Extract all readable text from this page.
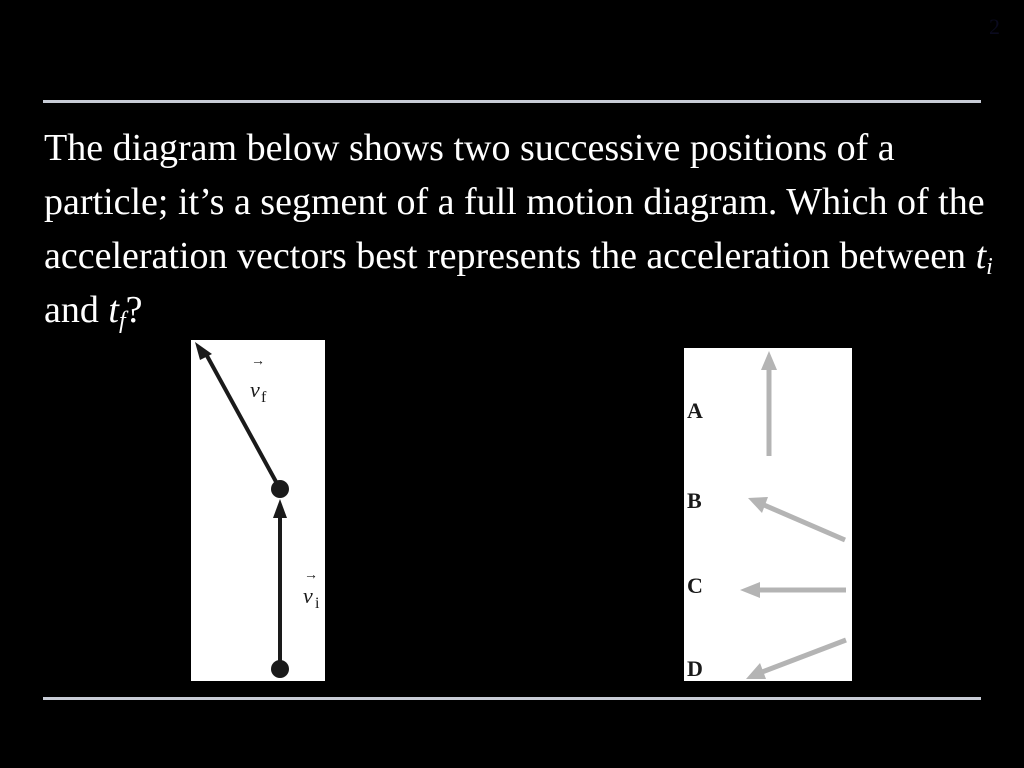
2
The diagram below shows two successive positions of a particle; it’s a segment of a full motion diagram. Which of the acceleration vectors best represents the acceleration between $t_i$ and $t_f$?
→
v f
→
v i
A
B
C
D
